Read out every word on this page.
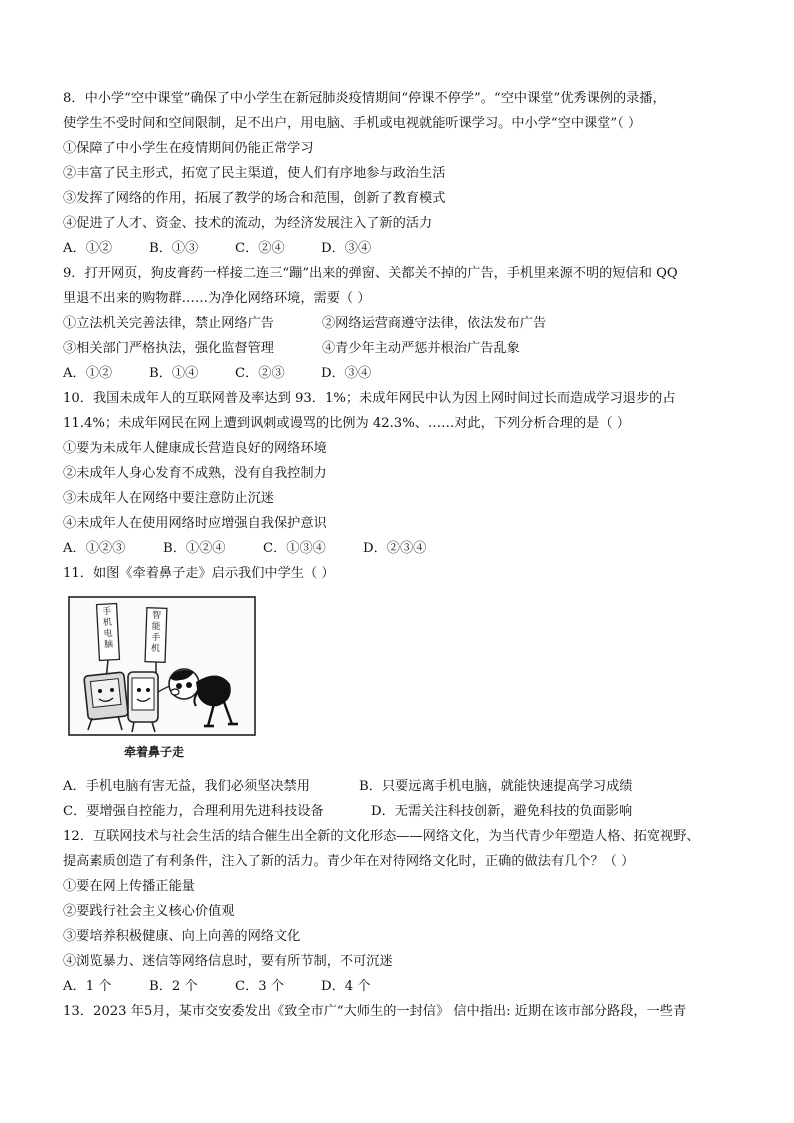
8．中小学“空中课堂”确保了中小学生在新冠肺炎疫情期间“停课不停学”。“空中课堂”优秀课例的录播，
使学生不受时间和空间限制，足不出户，用电脑、手机或电视就能听课学习。中小学“空中课堂”（ ）
①保障了中小学生在疫情期间仍能正常学习
②丰富了民主形式，拓宽了民主渠道，使人们有序地参与政治生活
③发挥了网络的作用，拓展了教学的场合和范围，创新了教育模式
④促进了人才、资金、技术的流动，为经济发展注入了新的活力
A．①②	B．①③	C．②④	D．③④
9．打开网页，狗皮膏药一样接二连三“蹦”出来的弹窗、关都关不掉的广告，手机里来源不明的短信和 QQ
里退不出来的购物群……为净化网络环境，需要（ ）
①立法机关完善法律，禁止网络广告	②网络运营商遵守法律，依法发布广告
③相关部门严格执法，强化监督管理	④青少年主动严惩并根治广告乱象
A．①②	B．①④	C．②③	D．③④
10．我国未成年人的互联网普及率达到 93．1%；未成年网民中认为因上网时间过长而造成学习退步的占
11.4%；未成年网民在网上遭到讽刺或谩骂的比例为 42.3%、……对此，下列分析合理的是（ ）
①要为未成年人健康成长营造良好的网络环境
②未成年人身心发育不成熟，没有自我控制力
③未成年人在网络中要注意防止沉迷
④未成年人在使用网络时应增强自我保护意识
A．①②③	B．①②④	C．①③④	D．②③④
11．如图《牵着鼻子走》启示我们中学生（ ）
手机电脑
智能手机
牵着鼻子走
A．手机电脑有害无益，我们必须坚决禁用	B．只要远离手机电脑，就能快速提高学习成绩
C．要增强自控能力，合理利用先进科技设备	D．无需关注科技创新，避免科技的负面影响
12．互联网技术与社会生活的结合催生出全新的文化形态——网络文化，为当代青少年塑造人格、拓宽视野、
提高素质创造了有利条件，注入了新的活力。青少年在对待网络文化时，正确的做法有几个？（ ）
①要在网上传播正能量
②要践行社会主义核心价值观
③要培养积极健康、向上向善的网络文化
④浏览暴力、迷信等网络信息时，要有所节制，不可沉迷
A．1 个	B．2 个	C．3 个	D．4 个
13．2023 年5月，某市交安委发出《致全市广“大师生的一封信》 信中指出: 近期在该市部分路段，一些青
